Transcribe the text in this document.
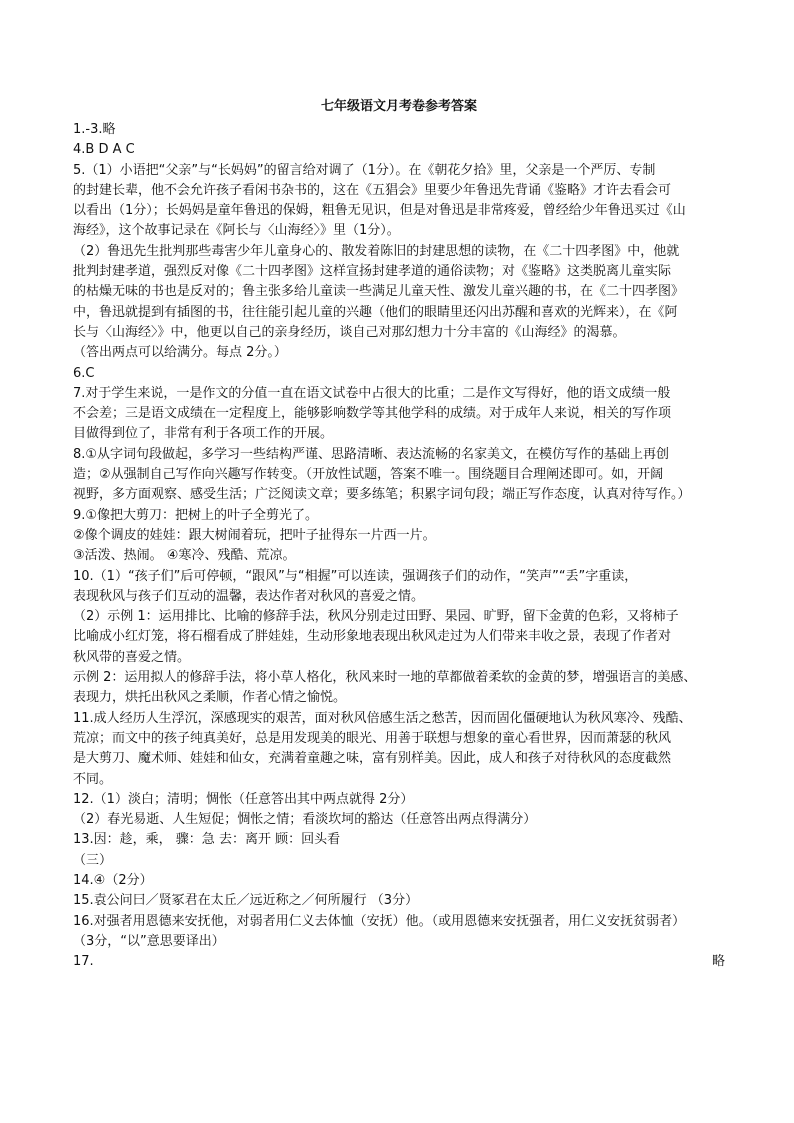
七年级语文月考卷参考答案
1.-3.略
4.B D A C
5.（1）小语把“父亲”与“长妈妈”的留言给对调了（1分）。在《朝花夕拾》里，父亲是一个严厉、专制
的封建长辈，他不会允许孩子看闲书杂书的，这在《五猖会》里要少年鲁迅先背诵《鉴略》才许去看会可
以看出（1分）；长妈妈是童年鲁迅的保姆，粗鲁无见识，但是对鲁迅是非常疼爱，曾经给少年鲁迅买过《山
海经》，这个故事记录在《阿长与〈山海经〉》里（1分）。
（2）鲁迅先生批判那些毒害少年儿童身心的、散发着陈旧的封建思想的读物，在《二十四孝图》中，他就
批判封建孝道，强烈反对像《二十四孝图》这样宣扬封建孝道的通俗读物；对《鉴略》这类脱离儿童实际
的枯燥无味的书也是反对的；鲁主张多给儿童读一些满足儿童天性、激发儿童兴趣的书，在《二十四孝图》
中，鲁迅就提到有插图的书，往往能引起儿童的兴趣（他们的眼睛里还闪出苏醒和喜欢的光辉来），在《阿
长与〈山海经〉》中，他更以自己的亲身经历，谈自己对那幻想力十分丰富的《山海经》的渴慕。
（答出两点可以给满分。每点 2分。）
6.C
7.对于学生来说，一是作文的分值一直在语文试卷中占很大的比重；二是作文写得好，他的语文成绩一般
不会差；三是语文成绩在一定程度上，能够影响数学等其他学科的成绩。对于成年人来说，相关的写作项
目做得到位了，非常有利于各项工作的开展。
8.①从字词句段做起，多学习一些结构严谨、思路清晰、表达流畅的名家美文，在模仿写作的基础上再创
造；②从强制自己写作向兴趣写作转变。（开放性试题，答案不唯一。围绕题目合理阐述即可。如，开阔
视野，多方面观察、感受生活；广泛阅读文章；要多练笔；积累字词句段；端正写作态度，认真对待写作。）
9.①像把大剪刀：把树上的叶子全剪光了。
②像个调皮的娃娃：跟大树闹着玩，把叶子扯得东一片西一片。
③活泼、热闹。 ④寒冷、残酷、荒凉。
10.（1）“孩子们”后可停顿，“跟风”与“相握”可以连读，强调孩子们的动作，“笑声”“丢”字重读，
表现秋风与孩子们互动的温馨，表达作者对秋风的喜爱之情。
（2）示例 1：运用排比、比喻的修辞手法，秋风分别走过田野、果园、旷野，留下金黄的色彩，又将柿子
比喻成小红灯笼，将石榴看成了胖娃娃，生动形象地表现出秋风走过为人们带来丰收之景，表现了作者对
秋风带的喜爱之情。
示例 2：运用拟人的修辞手法，将小草人格化，秋风来时一地的草都做着柔软的金黄的梦，增强语言的美感、
表现力，烘托出秋风之柔顺，作者心情之愉悦。
11.成人经历人生浮沉，深感现实的艰苦，面对秋风倍感生活之愁苦，因而固化僵硬地认为秋风寒冷、残酷、
荒凉；而文中的孩子纯真美好，总是用发现美的眼光、用善于联想与想象的童心看世界，因而萧瑟的秋风
是大剪刀、魔术师、娃娃和仙女，充满着童趣之味，富有别样美。因此，成人和孩子对待秋风的态度截然
不同。
12.（1）淡白；清明；惆怅（任意答出其中两点就得 2分）
（2）春光易逝、人生短促；惆怅之情；看淡坎坷的豁达（任意答出两点得满分）
13.因：趁，乘， 骤：急 去：离开 顾：回头看
（三）
14.④（2分）
15.袁公问曰／贤冢君在太丘／远近称之／何所履行 （3分）
16.对强者用恩德来安抚他，对弱者用仁义去体恤（安抚）他。（或用恩德来安抚强者，用仁义安抚贫弱者）
（3分，“以”意思要译出）
17.	略
